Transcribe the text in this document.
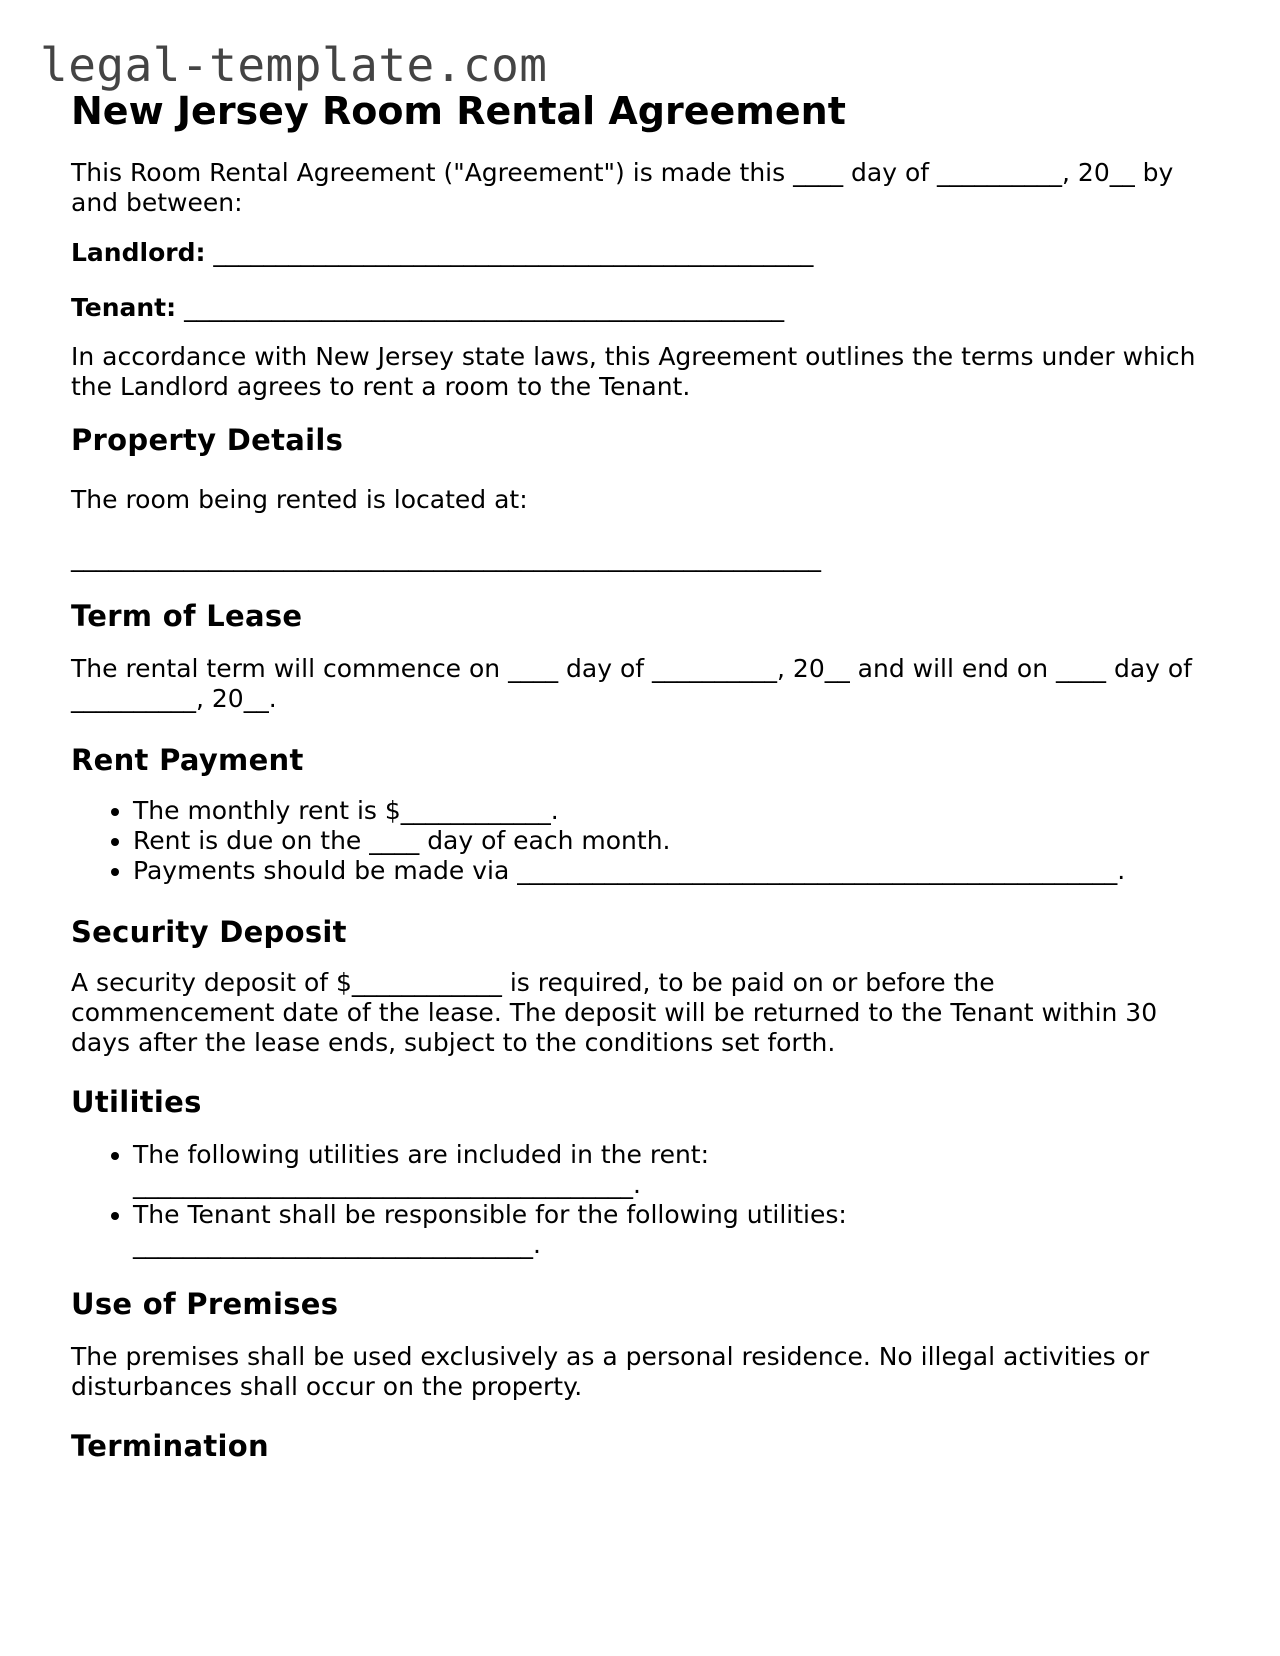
legal-template.com
New Jersey Room Rental Agreement

This Room Rental Agreement ("Agreement") is made this ____ day of __________, 20__ by and between:

Landlord: ________________________________________________
Tenant: ________________________________________________

In accordance with New Jersey state laws, this Agreement outlines the terms under which the Landlord agrees to rent a room to the Tenant.

Property Details

The room being rented is located at:

____________________________________________________________

Term of Lease

The rental term will commence on ____ day of __________, 20__ and will end on ____ day of __________, 20__.

Rent Payment
• The monthly rent is $____________.
• Rent is due on the ____ day of each month.
• Payments should be made via ________________________________________________.
Security Deposit

A security deposit of $____________ is required, to be paid on or before the commencement date of the lease. The deposit will be returned to the Tenant within 30 days after the lease ends, subject to the conditions set forth.

Utilities
• The following utilities are included in the rent: ________________________________________.
• The Tenant shall be responsible for the following utilities: ________________________________.
Use of Premises

The premises shall be used exclusively as a personal residence. No illegal activities or disturbances shall occur on the property.

Termination
